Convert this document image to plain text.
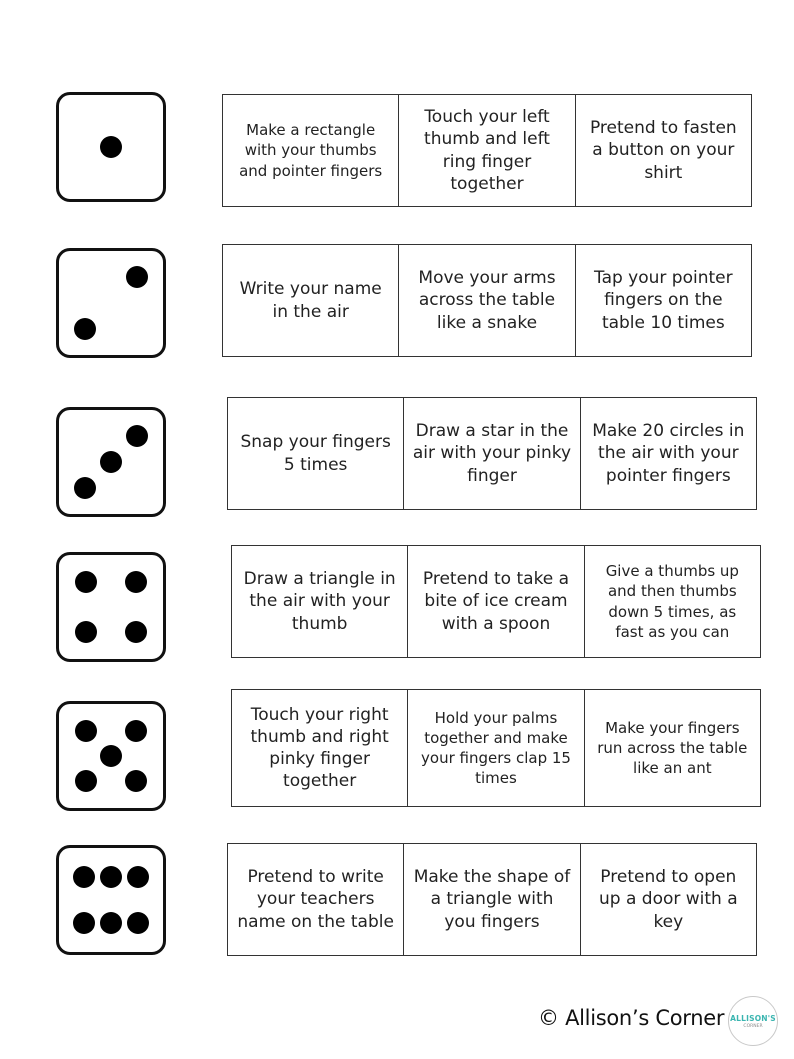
Make a rectangle with your thumbs and pointer fingers
Touch your left thumb and left ring finger together
Pretend to fasten a button on your shirt
Write your name in the air
Move your arms across the table like a snake
Tap your pointer fingers on the table 10 times
Snap your fingers 5 times
Draw a star in the air with your pinky finger
Make 20 circles in the air with your pointer fingers
Draw a triangle in the air with your thumb
Pretend to take a bite of ice cream with a spoon
Give a thumbs up and then thumbs down 5 times, as fast as you can
Touch your right thumb and right pinky finger together
Hold your palms together and make your fingers clap 15 times
Make your fingers run across the table like an ant
Pretend to write your teachers name on the table
Make the shape of a triangle with you fingers
Pretend to open up a door with a key
© Allison’s Corner ALLISON'S
CORNER
